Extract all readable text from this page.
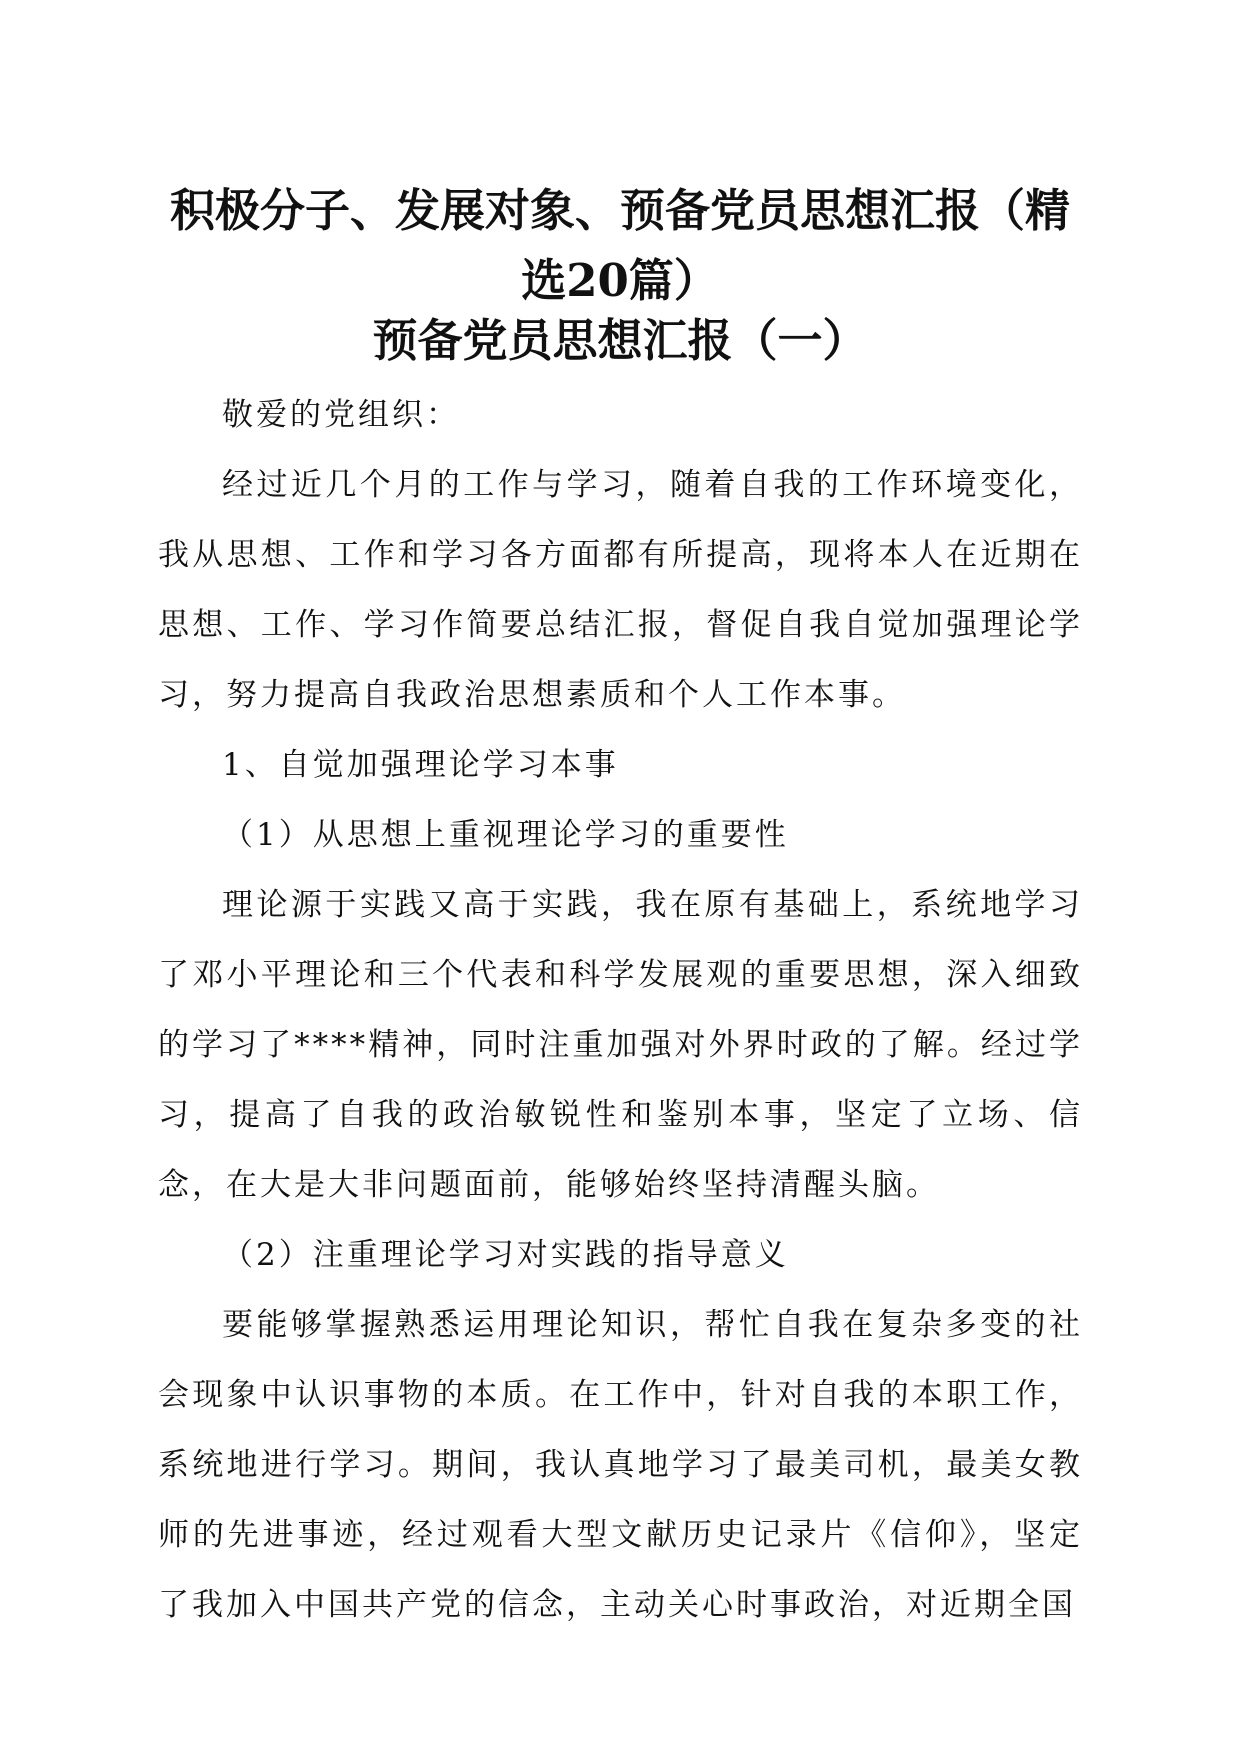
积极分子、发展对象、预备党员思想汇报（精选20篇）
预备党员思想汇报（一）

敬爱的党组织：

经过近几个月的工作与学习，随着自我的工作环境变化，我从思想、工作和学习各方面都有所提高，现将本人在近期在思想、工作、学习作简要总结汇报，督促自我自觉加强理论学习，努力提高自我政治思想素质和个人工作本事。

1、自觉加强理论学习本事

（1）从思想上重视理论学习的重要性

理论源于实践又高于实践，我在原有基础上，系统地学习了邓小平理论和三个代表和科学发展观的重要思想，深入细致的学习了****精神，同时注重加强对外界时政的了解。经过学习，提高了自我的政治敏锐性和鉴别本事，坚定了立场、信念，在大是大非问题面前，能够始终坚持清醒头脑。

（2）注重理论学习对实践的指导意义

要能够掌握熟悉运用理论知识，帮忙自我在复杂多变的社会现象中认识事物的本质。在工作中，针对自我的本职工作，系统地进行学习。期间，我认真地学习了最美司机，最美女教师的先进事迹，经过观看大型文献历史记录片《信仰》，坚定了我加入中国共产党的信念，主动关心时事政治，对近期全国
